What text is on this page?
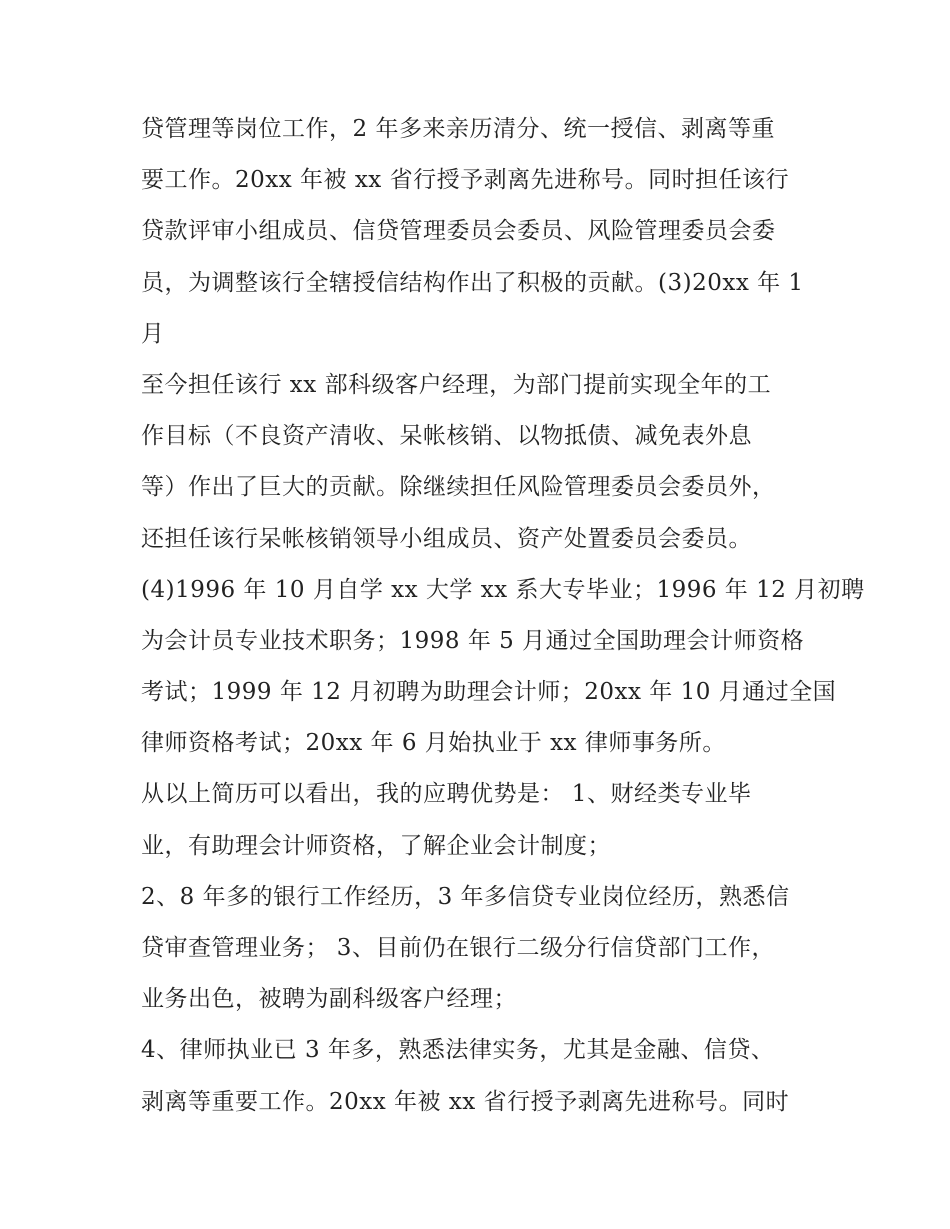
贷管理等岗位工作，2 年多来亲历清分、统一授信、剥离等重
要工作。20xx 年被 xx 省行授予剥离先进称号。同时担任该行
贷款评审小组成员、信贷管理委员会委员、风险管理委员会委
员，为调整该行全辖授信结构作出了积极的贡献。(3)20xx 年 1
月
至今担任该行 xx 部科级客户经理，为部门提前实现全年的工
作目标（不良资产清收、呆帐核销、以物抵债、减免表外息
等）作出了巨大的贡献。除继续担任风险管理委员会委员外，
还担任该行呆帐核销领导小组成员、资产处置委员会委员。
(4)1996 年 10 月自学 xx 大学 xx 系大专毕业；1996 年 12 月初聘
为会计员专业技术职务；1998 年 5 月通过全国助理会计师资格
考试；1999 年 12 月初聘为助理会计师；20xx 年 10 月通过全国
律师资格考试；20xx 年 6 月始执业于 xx 律师事务所。
从以上简历可以看出，我的应聘优势是： 1、财经类专业毕
业，有助理会计师资格，了解企业会计制度；
2、8 年多的银行工作经历，3 年多信贷专业岗位经历，熟悉信
贷审查管理业务； 3、目前仍在银行二级分行信贷部门工作，
业务出色，被聘为副科级客户经理；
4、律师执业已 3 年多，熟悉法律实务，尤其是金融、信贷、
剥离等重要工作。20xx 年被 xx 省行授予剥离先进称号。同时
